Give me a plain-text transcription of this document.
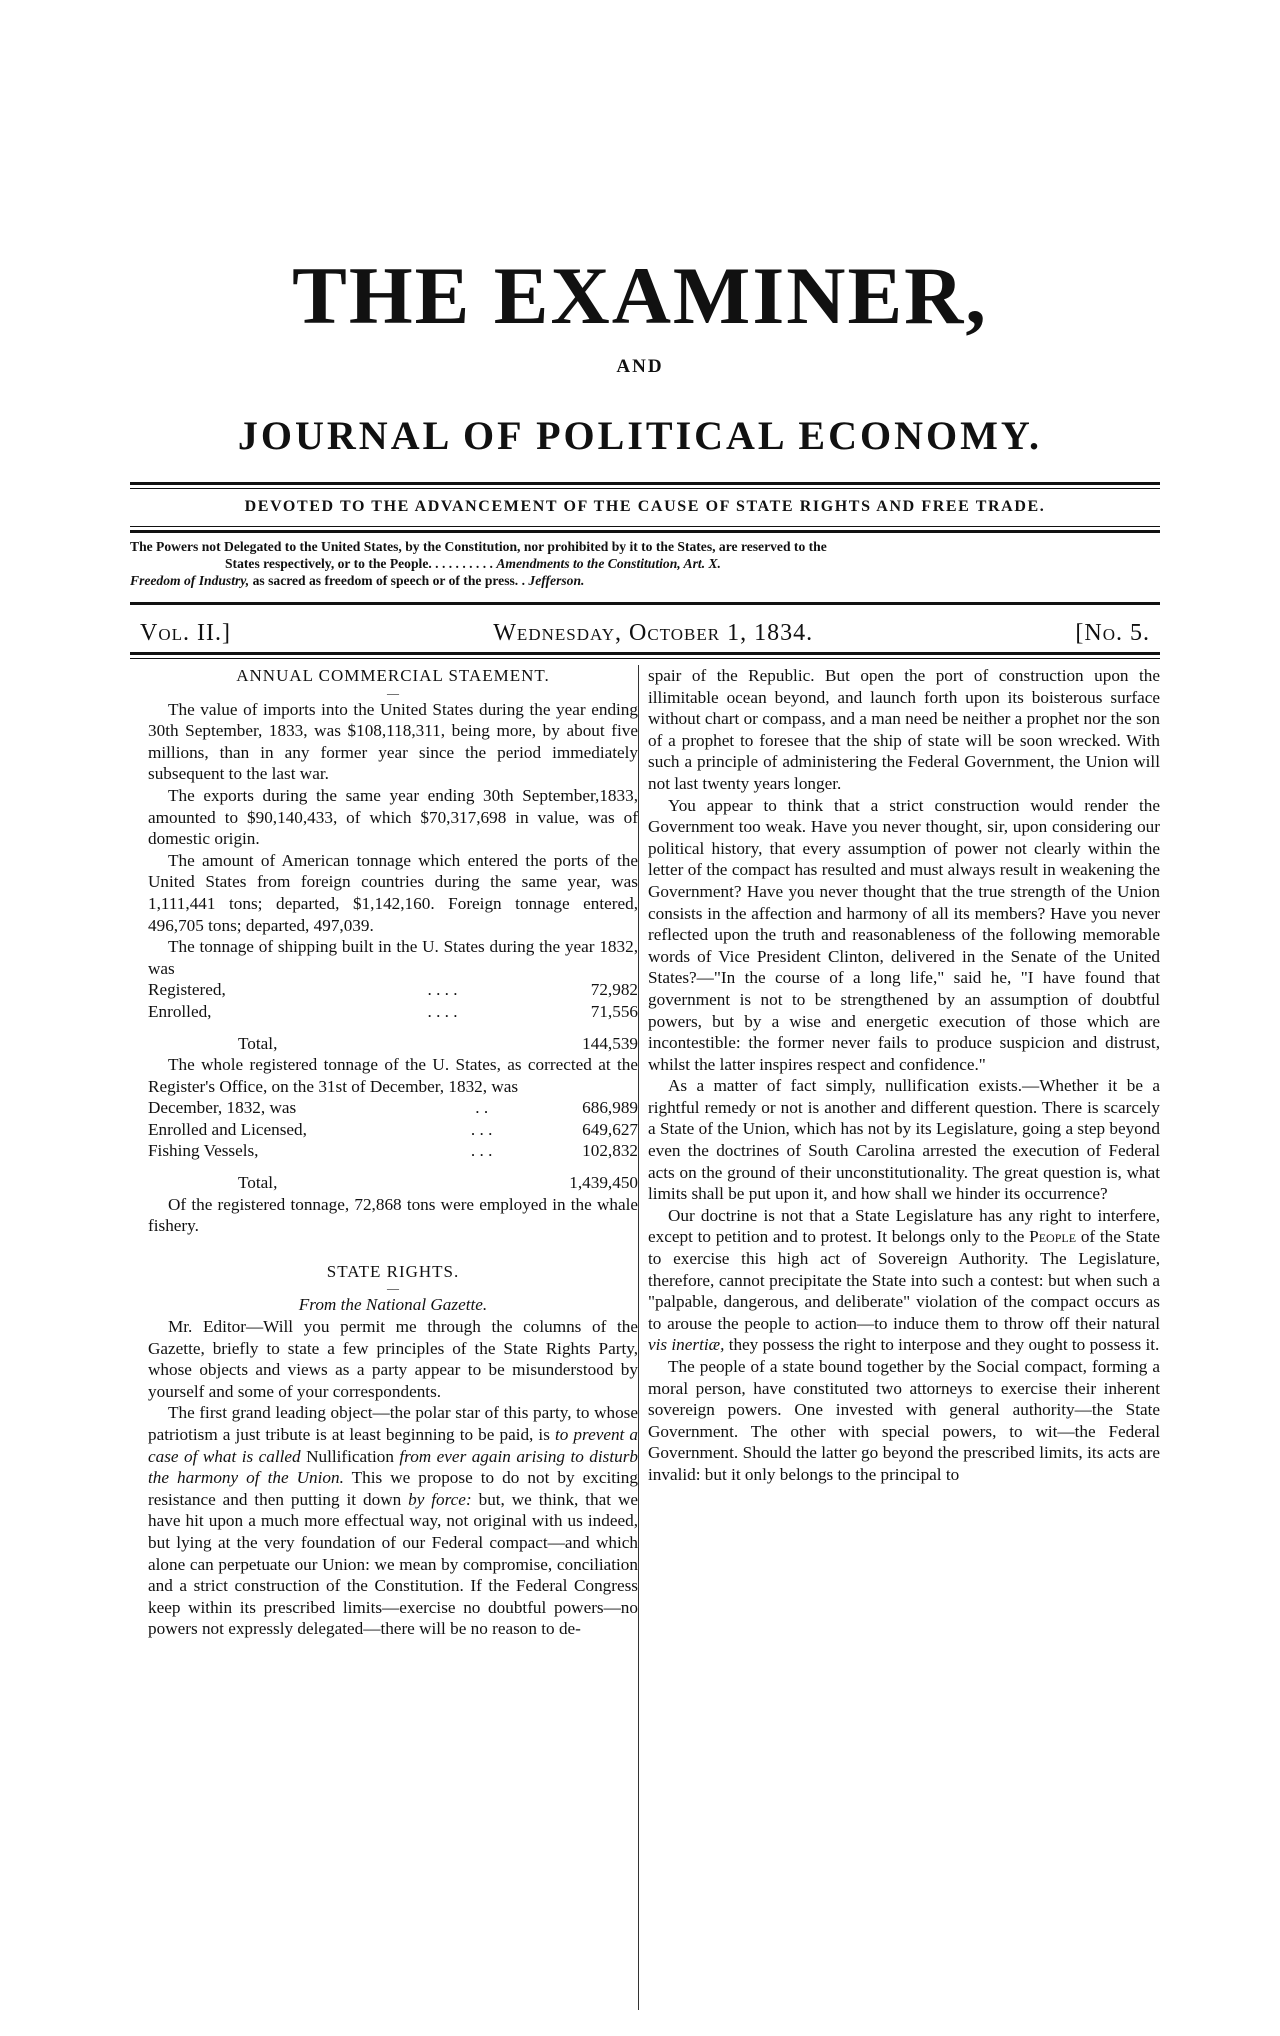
THE EXAMINER,
AND
JOURNAL OF POLITICAL ECONOMY.
DEVOTED TO THE ADVANCEMENT OF THE CAUSE OF STATE RIGHTS AND FREE TRADE.
The Powers not Delegated to the United States, by the Constitution, nor prohibited by it to the States, are reserved to the
States respectively, or to the People. . . . . . . . . . Amendments to the Constitution, Art. X.
Freedom of Industry, as sacred as freedom of speech or of the press. . Jefferson.
Vol. II.]	Wednesday, October 1, 1834.	[No. 5.

ANNUAL COMMERCIAL STAEMENT.

—

The value of imports into the United States during the year ending 30th September, 1833, was $108,118,311, being more, by about five millions, than in any former year since the period immediately subsequent to the last war.

The exports during the same year ending 30th September,1833, amounted to $90,140,433, of which $70,317,698 in value, was of domestic origin.

The amount of American tonnage which entered the ports of the United States from foreign countries during the same year, was 1,111,441 tons; departed, $1,142,160. Foreign tonnage entered, 496,705 tons; departed, 497,039.

The tonnage of shipping built in the U. States during the year 1832, was

Registered,	. . . .	72,982
Enrolled,	. . . .	71,556
Total,		144,539

The whole registered tonnage of the U. States, as corrected at the Register's Office, on the 31st of December, 1832, was

December, 1832, was	. .	686,989
Enrolled and Licensed,	. . .	649,627
Fishing Vessels,	. . .	102,832
Total,		1,439,450

Of the registered tonnage, 72,868 tons were employed in the whale fishery.

STATE RIGHTS.

—

From the National Gazette.

Mr. Editor—Will you permit me through the columns of the Gazette, briefly to state a few principles of the State Rights Party, whose objects and views as a party appear to be misunderstood by yourself and some of your correspondents.

The first grand leading object—the polar star of this party, to whose patriotism a just tribute is at least beginning to be paid, is to prevent a case of what is called Nullification from ever again arising to disturb the harmony of the Union. This we propose to do not by exciting resistance and then putting it down by force: but, we think, that we have hit upon a much more effectual way, not original with us indeed, but lying at the very foundation of our Federal compact—and which alone can perpetuate our Union: we mean by compromise, conciliation and a strict construction of the Constitution. If the Federal Congress keep within its prescribed limits—exercise no doubtful powers—no powers not expressly delegated—there will be no reason to de-

spair of the Republic. But open the port of construction upon the illimitable ocean beyond, and launch forth upon its boisterous surface without chart or compass, and a man need be neither a prophet nor the son of a prophet to foresee that the ship of state will be soon wrecked. With such a principle of administering the Federal Government, the Union will not last twenty years longer.

You appear to think that a strict construction would render the Government too weak. Have you never thought, sir, upon considering our political history, that every assumption of power not clearly within the letter of the compact has resulted and must always result in weakening the Government? Have you never thought that the true strength of the Union consists in the affection and harmony of all its members? Have you never reflected upon the truth and reasonableness of the following memorable words of Vice President Clinton, delivered in the Senate of the United States?—"In the course of a long life," said he, "I have found that government is not to be strengthened by an assumption of doubtful powers, but by a wise and energetic execution of those which are incontestible: the former never fails to produce suspicion and distrust, whilst the latter inspires respect and confidence."

As a matter of fact simply, nullification exists.—Whether it be a rightful remedy or not is another and different question. There is scarcely a State of the Union, which has not by its Legislature, going a step beyond even the doctrines of South Carolina arrested the execution of Federal acts on the ground of their unconstitutionality. The great question is, what limits shall be put upon it, and how shall we hinder its occurrence?

Our doctrine is not that a State Legislature has any right to interfere, except to petition and to protest. It belongs only to the People of the State to exercise this high act of Sovereign Authority. The Legislature, therefore, cannot precipitate the State into such a contest: but when such a "palpable, dangerous, and deliberate" violation of the compact occurs as to arouse the people to action—to induce them to throw off their natural vis inertiæ, they possess the right to interpose and they ought to possess it.

The people of a state bound together by the Social compact, forming a moral person, have constituted two attorneys to exercise their inherent sovereign powers. One invested with general authority—the State Government. The other with special powers, to wit—the Federal Government. Should the latter go beyond the prescribed limits, its acts are invalid: but it only belongs to the principal to
